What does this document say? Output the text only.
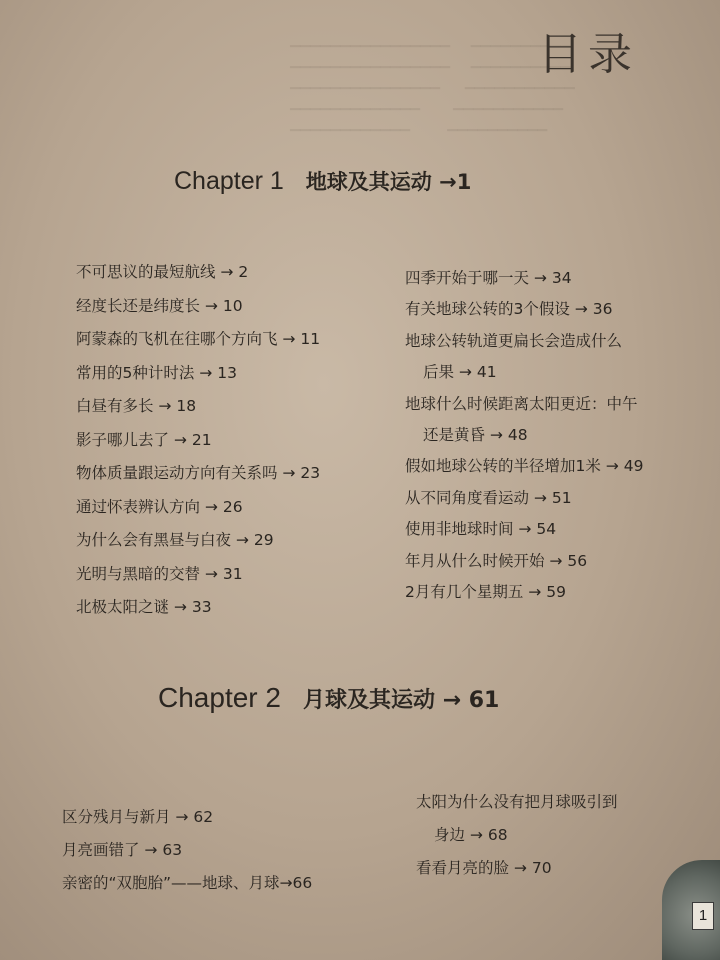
▁▁▁▁▁▁▁▁▁▁▁▁▁▁▁▁     ▁▁▁▁▁▁▁▁▁▁
▁▁▁▁▁▁▁▁▁▁▁▁▁▁▁▁     ▁▁▁▁▁▁▁▁▁▁
▁▁▁▁▁▁▁▁▁▁▁▁▁▁▁      ▁▁▁▁▁▁▁▁▁▁▁
▁▁▁▁▁▁▁▁▁▁▁▁▁        ▁▁▁▁▁▁▁▁▁▁▁
▁▁▁▁▁▁▁▁▁▁▁▁         ▁▁▁▁▁▁▁▁▁▁
目录
Chapter 1 地球及其运动 →1
不可思议的最短航线 → 2
经度长还是纬度长 → 10
阿蒙森的飞机在往哪个方向飞 → 11
常用的5种计时法 → 13
白昼有多长 → 18
影子哪儿去了 → 21
物体质量跟运动方向有关系吗 → 23
通过怀表辨认方向 → 26
为什么会有黑昼与白夜 → 29
光明与黑暗的交替 → 31
北极太阳之谜 → 33
四季开始于哪一天 → 34
有关地球公转的3个假设 → 36
地球公转轨道更扁长会造成什么
后果 → 41
地球什么时候距离太阳更近：中午
还是黄昏 → 48
假如地球公转的半径增加1米 → 49
从不同角度看运动 → 51
使用非地球时间 → 54
年月从什么时候开始 → 56
2月有几个星期五 → 59
Chapter 2 月球及其运动 → 61
区分残月与新月 → 62
月亮画错了 → 63
亲密的“双胞胎”——地球、月球→66
太阳为什么没有把月球吸引到
身边 → 68
看看月亮的脸 → 70
1
